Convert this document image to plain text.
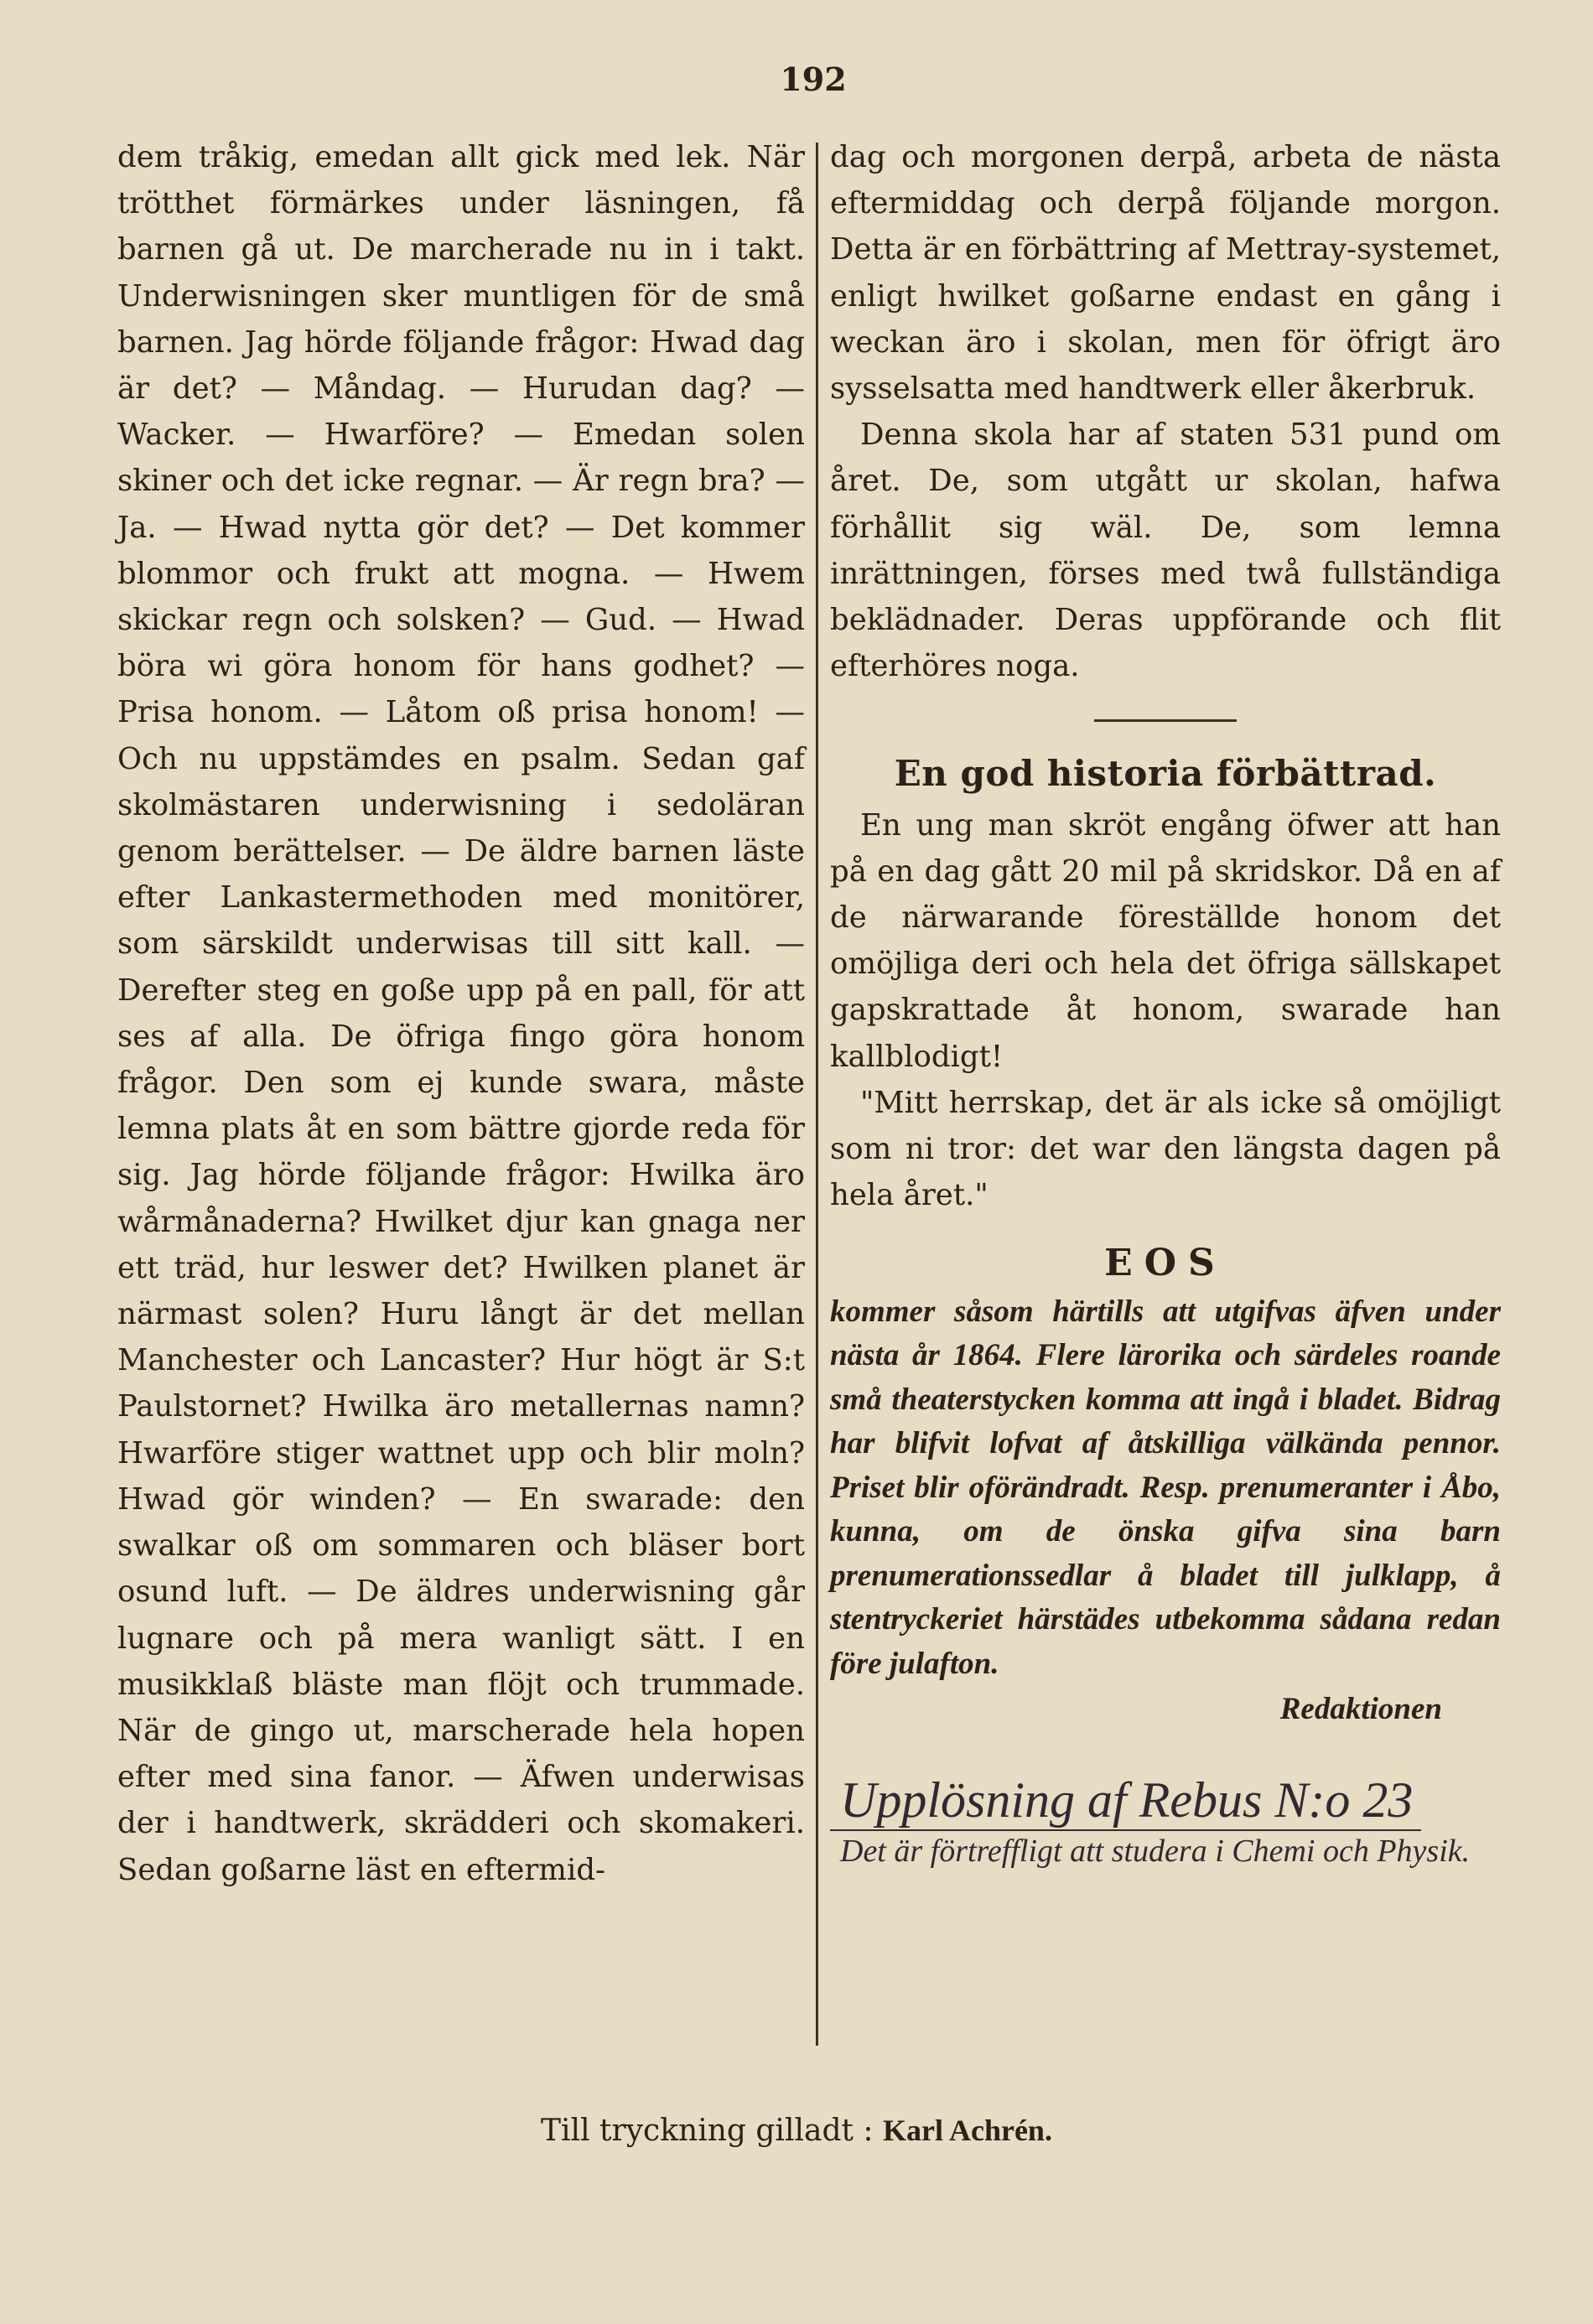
192

dem tråkig, emedan allt gick med lek. När trötthet förmärkes under läsningen, få barnen gå ut. De marcherade nu in i takt. Underwisningen sker muntligen för de små barnen. Jag hörde följande frågor: Hwad dag är det? — Måndag. — Hurudan dag? — Wacker. — Hwarföre? — Emedan solen skiner och det icke regnar. — Är regn bra? — Ja. — Hwad nytta gör det? — Det kommer blommor och frukt att mogna. — Hwem skickar regn och solsken? — Gud. — Hwad böra wi göra honom för hans godhet? — Prisa honom. — Låtom oß prisa honom! — Och nu uppstämdes en psalm. Sedan gaf skolmästaren underwisning i sedoläran genom berättelser. — De äldre barnen läste efter Lankastermethoden med monitörer, som särskildt underwisas till sitt kall. — Derefter steg en goße upp på en pall, för att ses af alla. De öfriga fingo göra honom frågor. Den som ej kunde swara, måste lemna plats åt en som bättre gjorde reda för sig. Jag hörde följande frågor: Hwilka äro wårmånaderna? Hwilket djur kan gnaga ner ett träd, hur leswer det? Hwilken planet är närmast solen? Huru långt är det mellan Manchester och Lancaster? Hur högt är S:t Paulstornet? Hwilka äro metallernas namn? Hwarföre stiger wattnet upp och blir moln? Hwad gör winden? — En swarade: den swalkar oß om sommaren och bläser bort osund luft. — De äldres underwisning går lugnare och på mera wanligt sätt. I en musikklaß bläste man flöjt och trummade. När de gingo ut, marscherade hela hopen efter med sina fanor. — Äfwen underwisas der i handtwerk, skrädderi och skomakeri. Sedan goßarne läst en eftermid-

dag och morgonen derpå, arbeta de nästa eftermiddag och derpå följande morgon. Detta är en förbättring af Mettray-systemet, enligt hwilket goßarne endast en gång i weckan äro i skolan, men för öfrigt äro sysselsatta med handtwerk eller åkerbruk.

Denna skola har af staten 531 pund om året. De, som utgått ur skolan, hafwa förhållit sig wäl. De, som lemna inrättningen, förses med twå fullständiga beklädnader. Deras uppförande och flit efterhöres noga.

En god historia förbättrad.

En ung man skröt engång öfwer att han på en dag gått 20 mil på skridskor. Då en af de närwarande föreställde honom det omöjliga deri och hela det öfriga sällskapet gapskrattade åt honom, swarade han kallblodigt!

"Mitt herrskap, det är als icke så omöjligt som ni tror: det war den längsta dagen på hela året."

EOS

kommer såsom härtills att utgifvas äfven under nästa år 1864. Flere lärorika och särdeles roande små theaterstycken komma att ingå i bladet. Bidrag har blifvit lofvat af åtskilliga välkända pennor. Priset blir oförändradt. Resp. prenumeranter i Åbo, kunna, om de önska gifva sina barn prenumerationssedlar å bladet till julklapp, å stentryckeriet härstädes utbekomma sådana redan före julafton.

Redaktionen
Upplösning af Rebus N:o 23
Det är förtreffligt att studera i Chemi och Physik.
Till tryckning gilladt : Karl Achrén.
